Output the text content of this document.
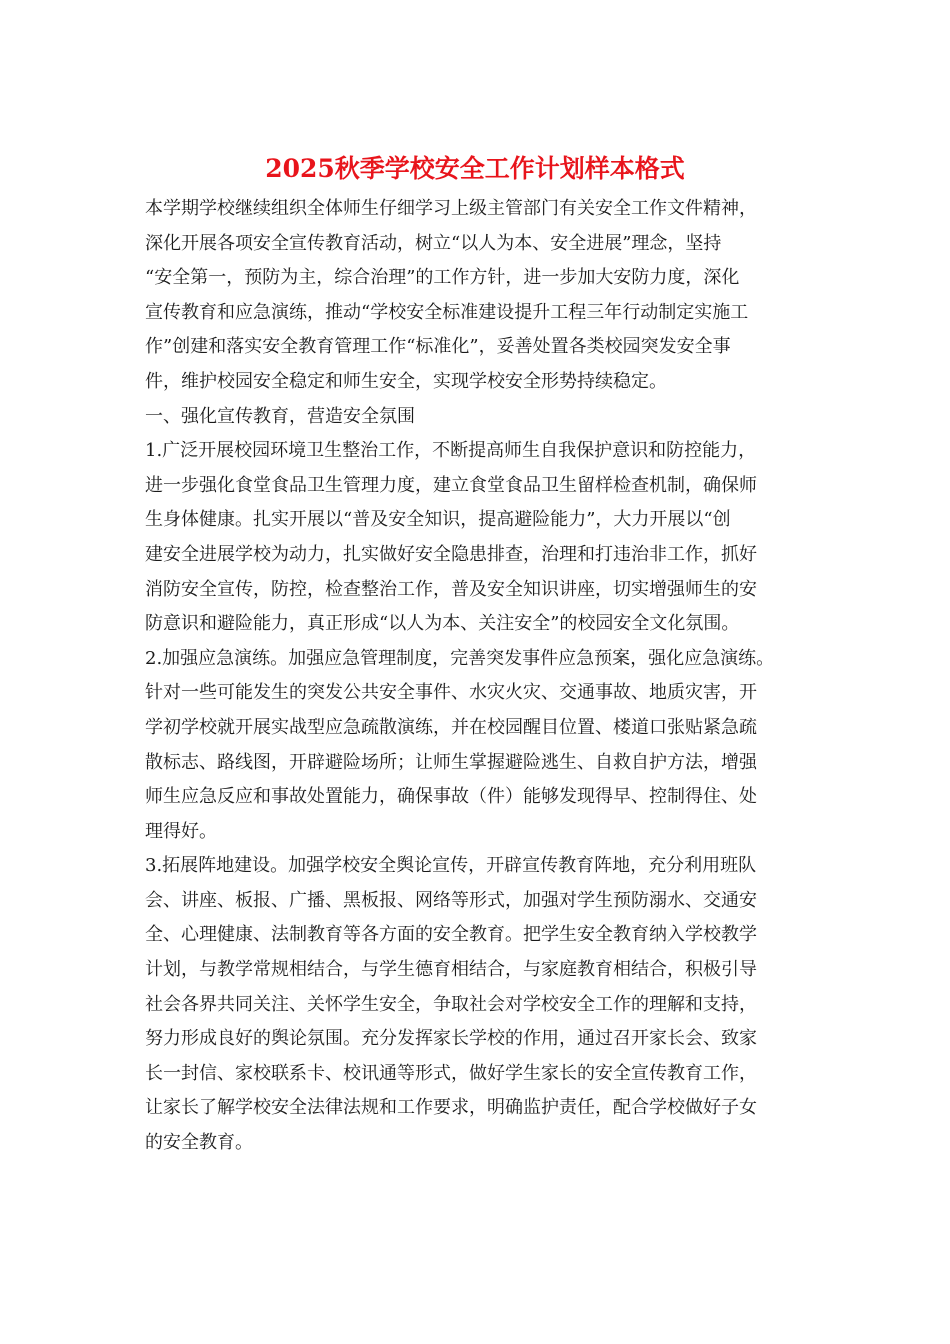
2025秋季学校安全工作计划样本格式
本学期学校继续组织全体师生仔细学习上级主管部门有关安全工作文件精神，
深化开展各项安全宣传教育活动，树立“以人为本、安全进展”理念，坚持
“安全第一，预防为主，综合治理”的工作方针，进一步加大安防力度，深化
宣传教育和应急演练，推动“学校安全标准建设提升工程三年行动制定实施工
作”创建和落实安全教育管理工作“标准化”，妥善处置各类校园突发安全事
件，维护校园安全稳定和师生安全，实现学校安全形势持续稳定。
一、强化宣传教育，营造安全氛围
1.广泛开展校园环境卫生整治工作，不断提高师生自我保护意识和防控能力，
进一步强化食堂食品卫生管理力度，建立食堂食品卫生留样检查机制，确保师
生身体健康。扎实开展以“普及安全知识，提高避险能力”，大力开展以“创
建安全进展学校为动力，扎实做好安全隐患排查，治理和打违治非工作，抓好
消防安全宣传，防控，检查整治工作，普及安全知识讲座，切实增强师生的安
防意识和避险能力，真正形成“以人为本、关注安全”的校园安全文化氛围。
2.加强应急演练。加强应急管理制度，完善突发事件应急预案，强化应急演练。
针对一些可能发生的突发公共安全事件、水灾火灾、交通事故、地质灾害，开
学初学校就开展实战型应急疏散演练，并在校园醒目位置、楼道口张贴紧急疏
散标志、路线图，开辟避险场所；让师生掌握避险逃生、自救自护方法，增强
师生应急反应和事故处置能力，确保事故（件）能够发现得早、控制得住、处
理得好。
3.拓展阵地建设。加强学校安全舆论宣传，开辟宣传教育阵地，充分利用班队
会、讲座、板报、广播、黑板报、网络等形式，加强对学生预防溺水、交通安
全、心理健康、法制教育等各方面的安全教育。把学生安全教育纳入学校教学
计划，与教学常规相结合，与学生德育相结合，与家庭教育相结合，积极引导
社会各界共同关注、关怀学生安全，争取社会对学校安全工作的理解和支持，
努力形成良好的舆论氛围。充分发挥家长学校的作用，通过召开家长会、致家
长一封信、家校联系卡、校讯通等形式，做好学生家长的安全宣传教育工作，
让家长了解学校安全法律法规和工作要求，明确监护责任，配合学校做好子女
的安全教育。
